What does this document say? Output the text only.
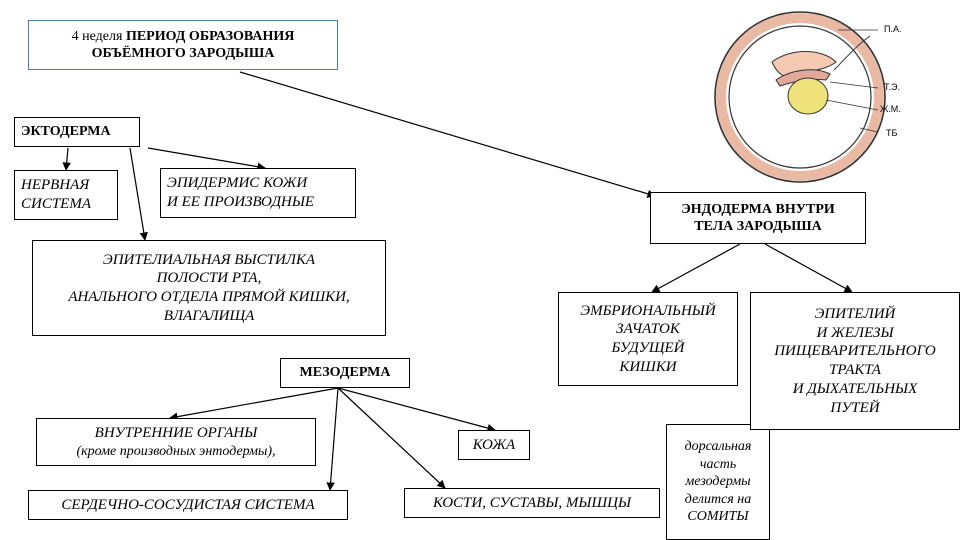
П.А.
Т.Э.
Ж.М.
ТБ
4 неделя ПЕРИОД ОБРАЗОВАНИЯ
ОБЪЁМНОГО ЗАРОДЫША
ЭКТОДЕРМА
НЕРВНАЯ
СИСТЕМА
ЭПИДЕРМИС КОЖИ
И ЕЕ ПРОИЗВОДНЫЕ
ЭПИТЕЛИАЛЬНАЯ ВЫСТИЛКА
ПОЛОСТИ РТА,
АНАЛЬНОГО ОТДЕЛА ПРЯМОЙ КИШКИ,
ВЛАГАЛИЩА
МЕЗОДЕРМА
ВНУТРЕННИЕ ОРГАНЫ
(кроме производных энтодермы),	КОЖА
СЕРДЕЧНО-СОСУДИСТАЯ СИСТЕМА	КОСТИ, СУСТАВЫ, МЫШЦЫ
дорсальная
часть
мезодермы
делится на
СОМИТЫ
ЭНДОДЕРМА ВНУТРИ
ТЕЛА ЗАРОДЫША
ЭМБРИОНАЛЬНЫЙ
ЗАЧАТОК
БУДУЩЕЙ
КИШКИ
ЭПИТЕЛИЙ
И ЖЕЛЕЗЫ
ПИЩЕВАРИТЕЛЬНОГО
ТРАКТА
И ДЫХАТЕЛЬНЫХ
ПУТЕЙ
